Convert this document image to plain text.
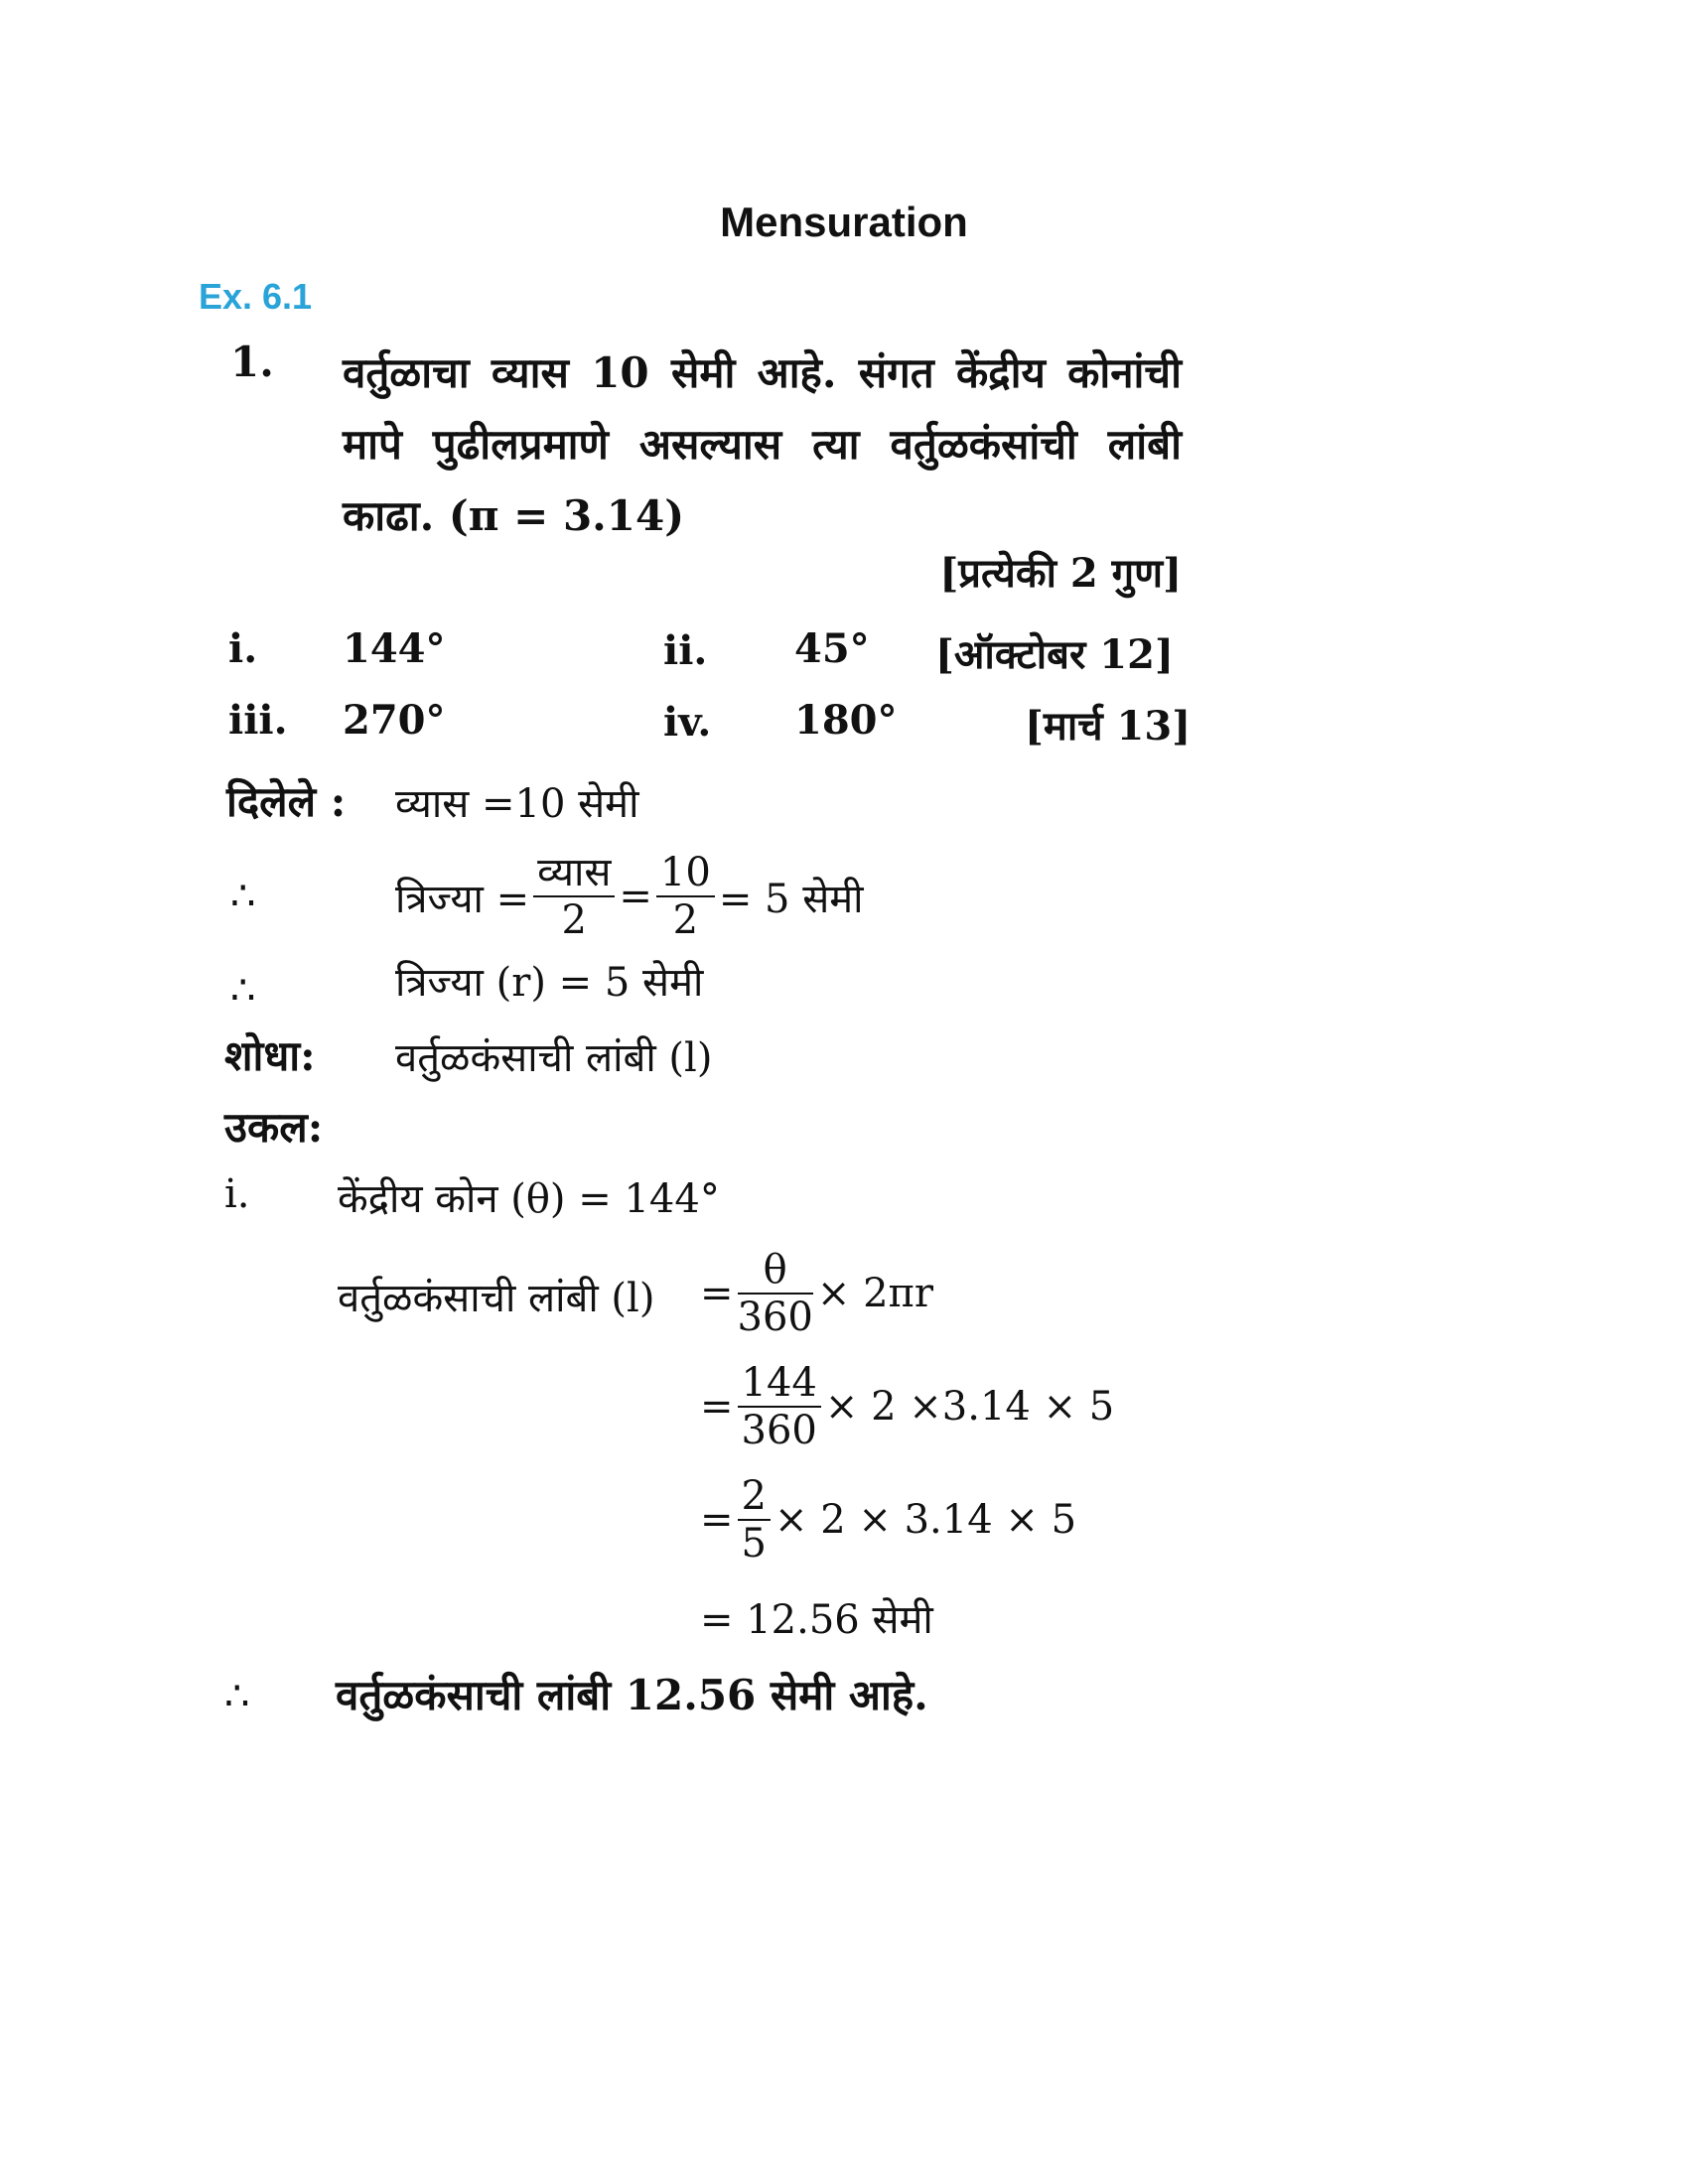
Mensuration
Ex. 6.1
1. वर्तुळाचा व्यास 10 सेमी आहे. संगत केंद्रीय कोनांची मापे पुढीलप्रमाणे असल्यास त्या वर्तुळकंसांची लांबी काढा. (π = 3.14)
[प्रत्येकी 2 गुण]
i. 144°	ii. 45° [ऑक्टोबर 12]
iii. 270°	iv. 180°	[मार्च 13]
दिलेले : व्यास =10 सेमी
∴	त्रिज्या = $\frac{\text{व्यास}}{2} = \frac{10}{2} = 5$ सेमी
∴	त्रिज्या (r) = 5 सेमी
शोधा: वर्तुळकंसाची लांबी (l)
उकल:
i. केंद्रीय कोन (θ) = 144°
वर्तुळकंसाची लांबी $(l) = \frac{\theta}{360} \times 2\pi r$
= $\frac{144}{360} \times 2 \times 3.14 \times 5$
= $\frac{2}{5} \times 2 \times 3.14 \times 5$
= 12.56 सेमी
∴ वर्तुळकंसाची लांबी 12.56 सेमी आहे.
